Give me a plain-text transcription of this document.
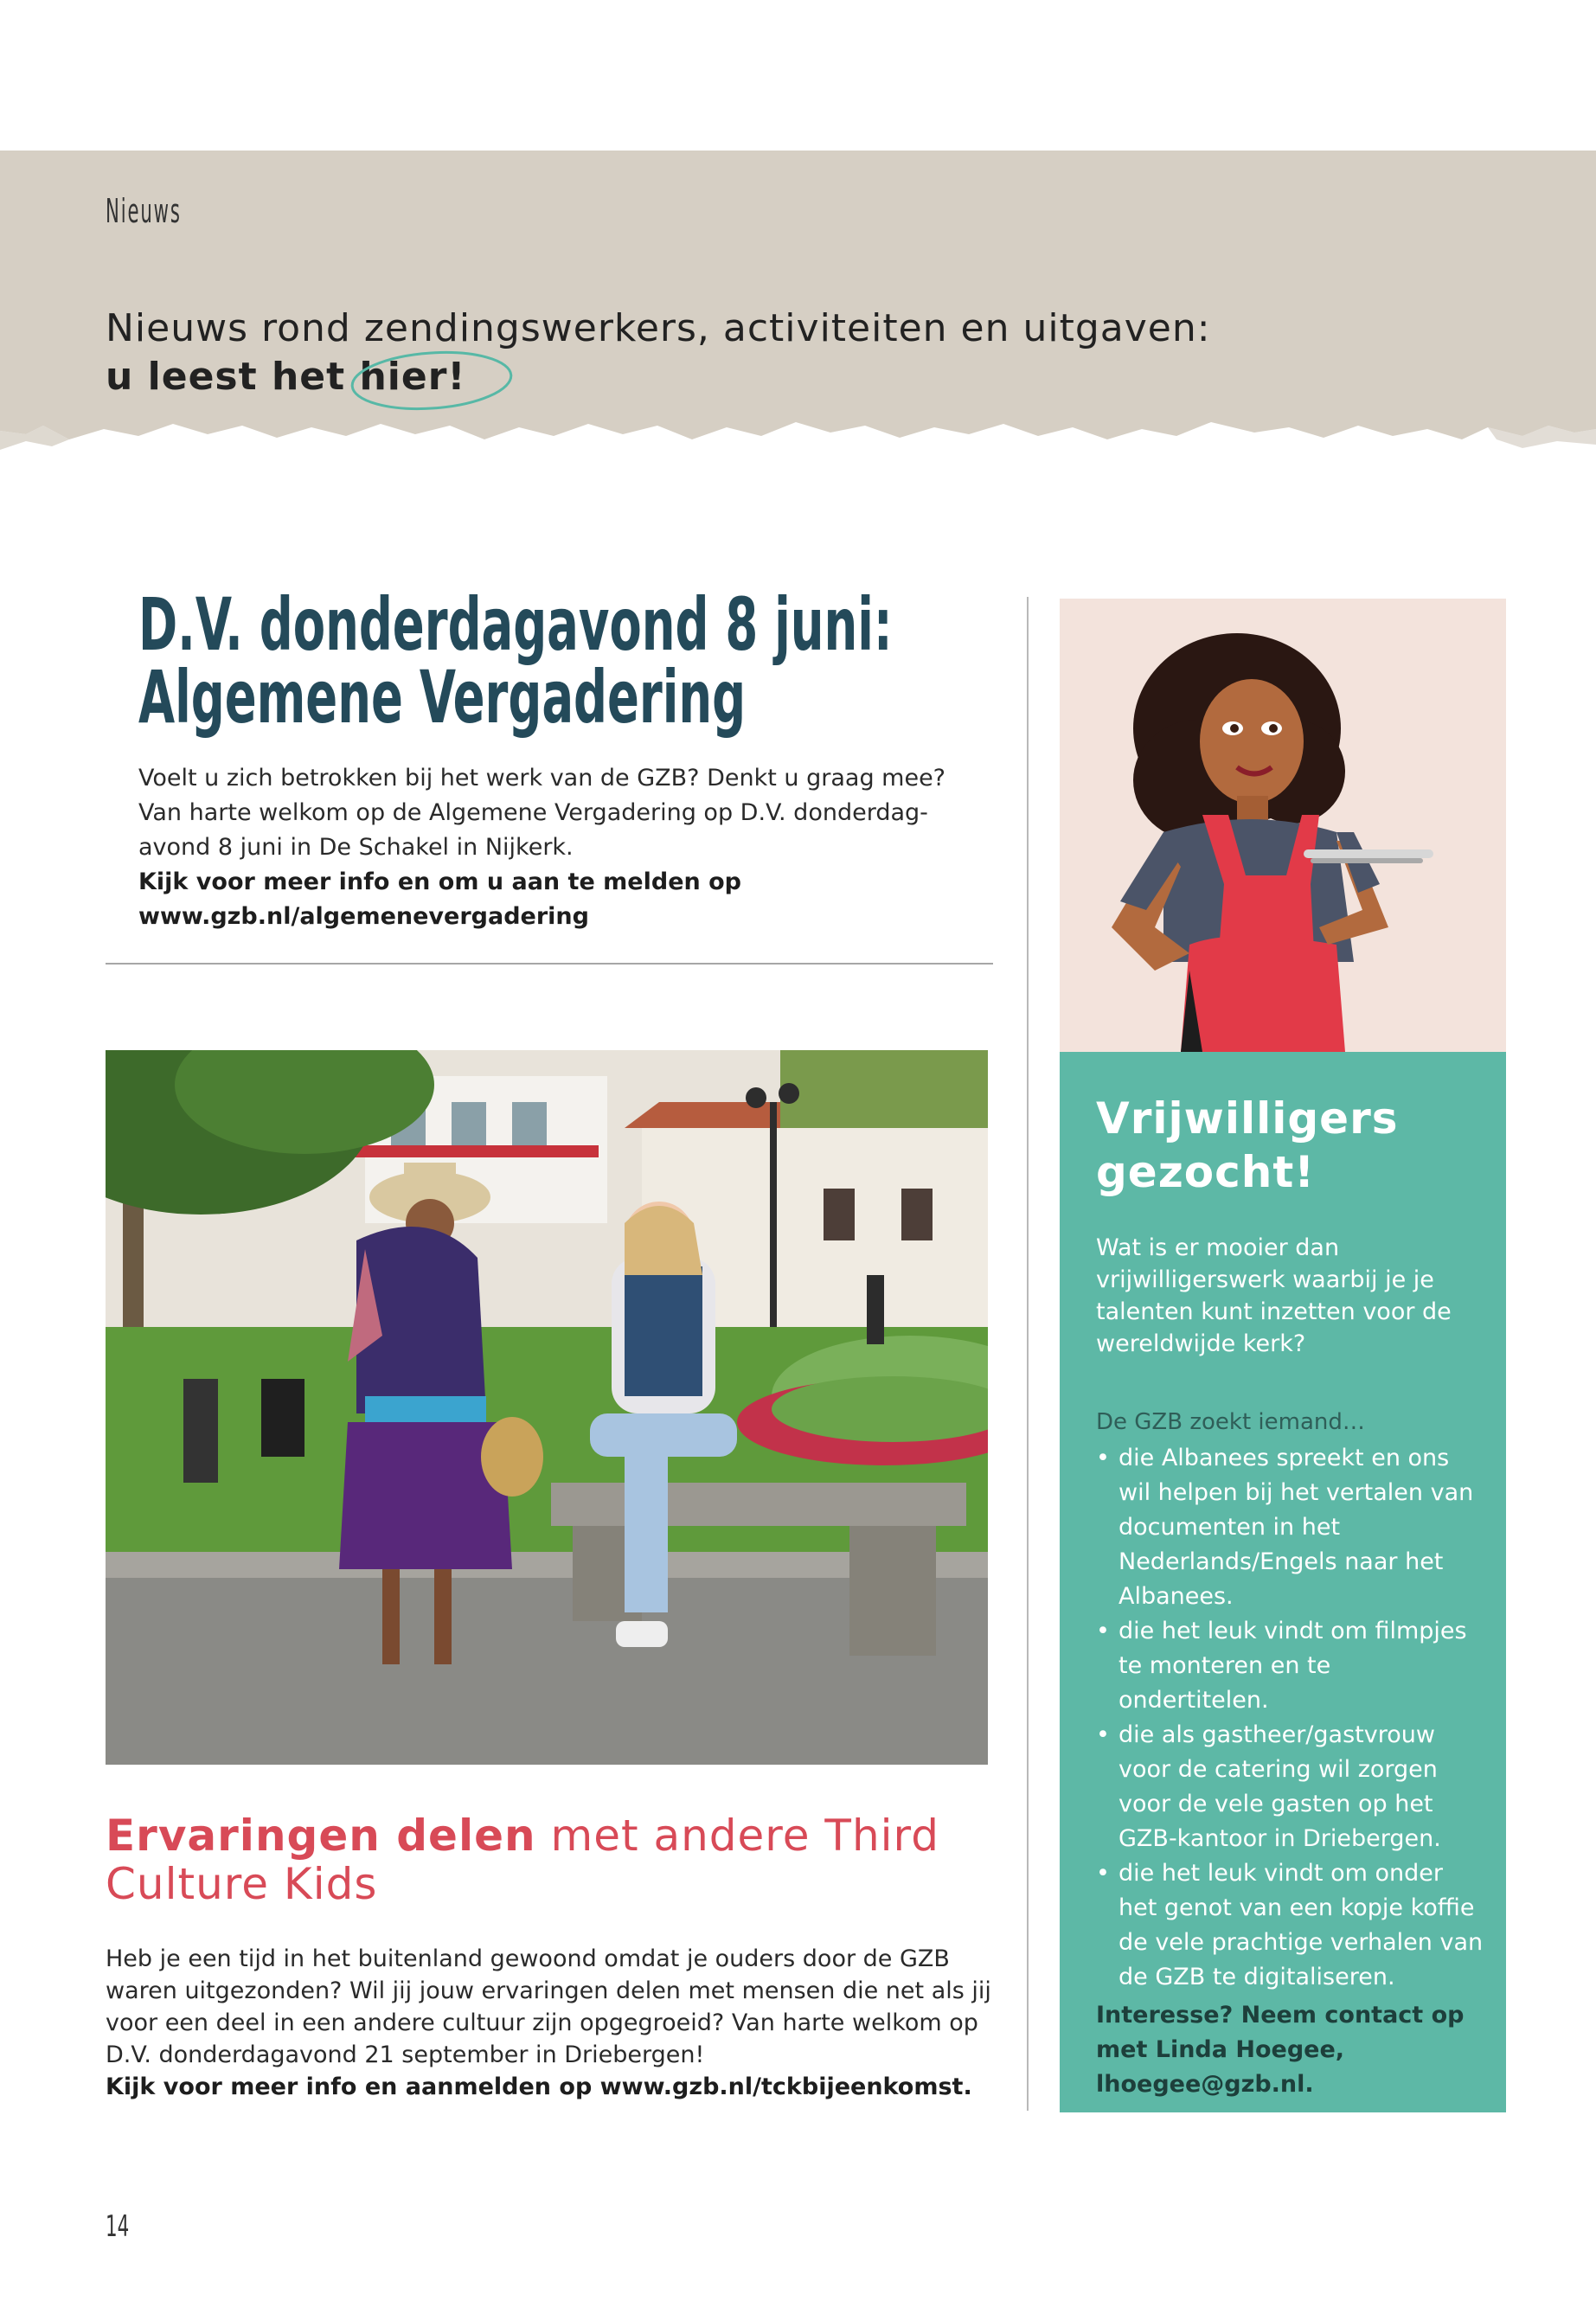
Nieuws
Nieuws rond zendingswerkers, activiteiten en uitgaven: u leest het hier!
D.V. donderdagavond 8 juni:
Algemene Vergadering
Voelt u zich betrokken bij het werk van de GZB? Denkt u graag mee? Van harte welkom op de Algemene Vergadering op D.V. donderdag-avond 8 juni in De Schakel in Nijkerk.
Kijk voor meer info en om u aan te melden op www.gzb.nl/algemenevergadering
Ervaringen delen met andere Third Culture Kids
Heb je een tijd in het buitenland gewoond omdat je ouders door de GZB waren uitgezonden? Wil jij jouw ervaringen delen met mensen die net als jij voor een deel in een andere cultuur zijn opgegroeid? Van harte welkom op D.V. donderdagavond 21 september in Driebergen!
Kijk voor meer info en aanmelden op www.gzb.nl/tckbijeenkomst.
Vrijwilligers gezocht!
Wat is er mooier dan vrijwilligerswerk waarbij je je talenten kunt inzetten voor de wereldwijde kerk?
De GZB zoekt iemand…
• die Albanees spreekt en ons wil helpen bij het vertalen van documenten in het Nederlands/Engels naar het Albanees.
• die het leuk vindt om filmpjes te monteren en te ondertitelen.
• die als gastheer/gastvrouw voor de catering wil zorgen voor de vele gasten op het GZB-kantoor in Driebergen.
• die het leuk vindt om onder het genot van een kopje koffie de vele prachtige verhalen van de GZB te digitaliseren.
Interesse? Neem contact op met Linda Hoegee, lhoegee@gzb.nl.
14
